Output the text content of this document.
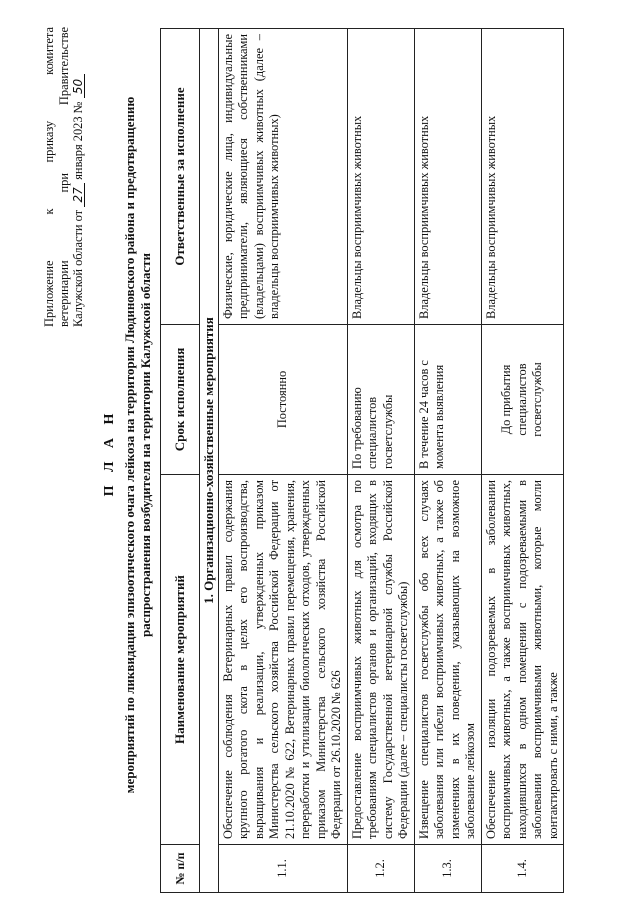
Приложение к приказу комитета ветеринарии при Правительстве Калужской области от 27 января 2023 № 50
П Л А Н мероприятий по ликвидации эпизоотического очага лейкоза на территории Людиновского района и предотвращению распространения возбудителя на территории Калужской области
№ п/п	Наименование мероприятий	Срок исполнения	Ответственные за исполнение
1. Организационно-хозяйственные мероприятия			
1.1.	Обеспечение соблюдения Ветеринарных правил содержания крупного рогатого скота в целях его воспроизводства, выращивания и реализации, утвержденных приказом Министерства сельского хозяйства Российской Федерации от 21.10.2020 № 622, Ветеринарных правил перемещения, хранения, переработки и утилизации биологических отходов, утвержденных приказом Министерства сельского хозяйства Российской Федерации от 26.10.2020 № 626	Постоянно	Физические, юридические лица, индивидуальные предприниматели, являющиеся собственниками (владельцами) восприимчивых животных (далее – владельцы восприимчивых животных)
1.2.	Предоставление восприимчивых животных для осмотра по требованиям специалистов органов и организаций, входящих в систему Государственной ветеринарной службы Российской Федерации (далее – специалисты госветслужбы)	По требованию специалистов госветслужбы	Владельцы восприимчивых животных
1.3.	Извещение специалистов госветслужбы обо всех случаях заболевания или гибели восприимчивых животных, а также об изменениях в их поведении, указывающих на возможное заболевание лейкозом	В течение 24 часов с момента выявления	Владельцы восприимчивых животных
1.4.	Обеспечение изоляции подозреваемых в заболевании восприимчивых животных, а также восприимчивых животных, находившихся в одном помещении с подозреваемыми в заболевании восприимчивыми животными, которые могли контактировать с ними, а также	До прибытия специалистов госветслужбы	Владельцы восприимчивых животных
